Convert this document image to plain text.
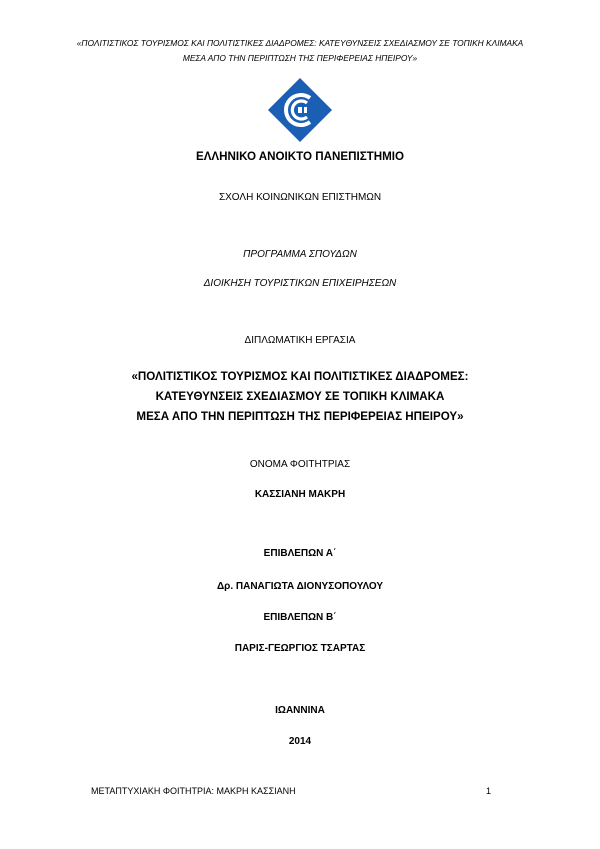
«ΠΟΛΙΤΙΣΤΙΚΟΣ ΤΟΥΡΙΣΜΟΣ ΚΑΙ ΠΟΛΙΤΙΣΤΙΚΕΣ ΔΙΑΔΡΟΜΕΣ: ΚΑΤΕΥΘΥΝΣΕΙΣ ΣΧΕΔΙΑΣΜΟΥ ΣΕ ΤΟΠΙΚΗ ΚΛΙΜΑΚΑ ΜΕΣΑ ΑΠΟ ΤΗΝ ΠΕΡΙΠΤΩΣΗ ΤΗΣ ΠΕΡΙΦΕΡΕΙΑΣ ΗΠΕΙΡΟΥ»
ΕΛΛΗΝΙΚΟ ΑΝΟΙΚΤΟ ΠΑΝΕΠΙΣΤΗΜΙΟ
ΣΧΟΛΗ ΚΟΙΝΩΝΙΚΩΝ ΕΠΙΣΤΗΜΩΝ
ΠΡΟΓΡΑΜΜΑ ΣΠΟΥΔΩΝ
ΔΙΟΙΚΗΣΗ ΤΟΥΡΙΣΤΙΚΩΝ ΕΠΙΧΕΙΡΗΣΕΩΝ
ΔΙΠΛΩΜΑΤΙΚΗ ΕΡΓΑΣΙΑ
«ΠΟΛΙΤΙΣΤΙΚΟΣ ΤΟΥΡΙΣΜΟΣ ΚΑΙ ΠΟΛΙΤΙΣΤΙΚΕΣ ΔΙΑΔΡΟΜΕΣ:
ΚΑΤΕΥΘΥΝΣΕΙΣ ΣΧΕΔΙΑΣΜΟΥ ΣΕ ΤΟΠΙΚΗ ΚΛΙΜΑΚΑ
ΜΕΣΑ ΑΠΟ ΤΗΝ ΠΕΡΙΠΤΩΣΗ ΤΗΣ ΠΕΡΙΦΕΡΕΙΑΣ ΗΠΕΙΡΟΥ»
ΟΝΟΜΑ ΦΟΙΤΗΤΡΙΑΣ
ΚΑΣΣΙΑΝΗ ΜΑΚΡΗ
ΕΠΙΒΛΕΠΩΝ Α΄
Δρ. ΠΑΝΑΓΙΩΤΑ ΔΙΟΝΥΣΟΠΟΥΛΟΥ
ΕΠΙΒΛΕΠΩΝ Β΄
ΠΑΡΙΣ-ΓΕΩΡΓΙΟΣ ΤΣΑΡΤΑΣ
ΙΩΑΝΝΙΝΑ
2014
ΜΕΤΑΠΤΥΧΙΑΚΗ ΦΟΙΤΗΤΡΙΑ: ΜΑΚΡΗ ΚΑΣΣΙΑΝΗ	1
